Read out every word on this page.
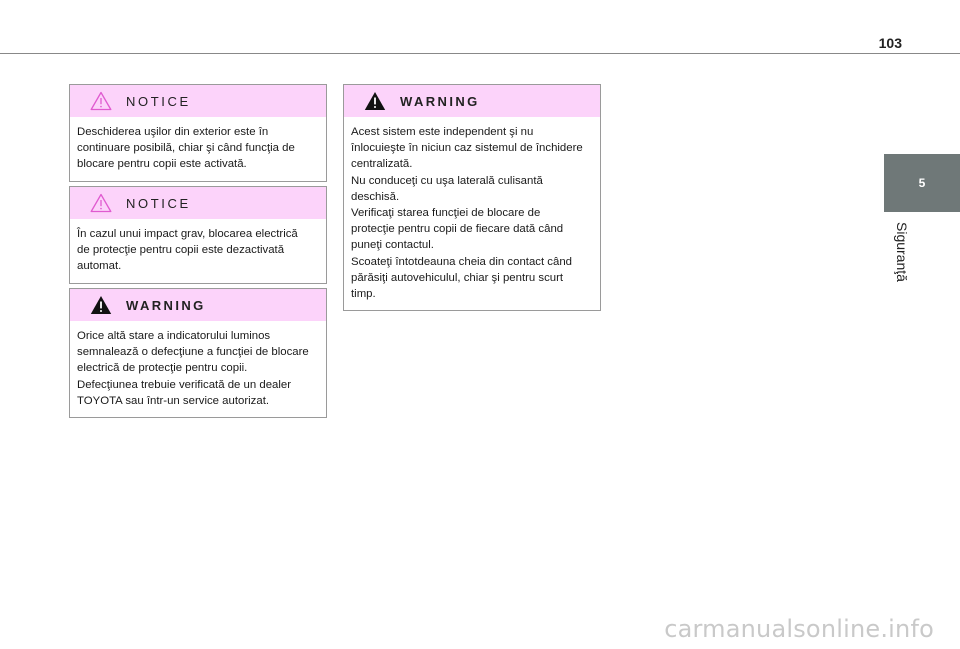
103
5
Siguranţă
NOTICE

Deschiderea uşilor din exterior este în

continuare posibilă, chiar şi când funcţia de

blocare pentru copii este activată.

NOTICE

În cazul unui impact grav, blocarea electrică

de protecţie pentru copii este dezactivată

automat.

WARNING

Orice altă stare a indicatorului luminos

semnalează o defecţiune a funcţiei de blocare

electrică de protecţie pentru copii.

Defecţiunea trebuie verificată de un dealer

TOYOTA sau într-un service autorizat.

WARNING

Acest sistem este independent şi nu

înlocuieşte în niciun caz sistemul de închidere

centralizată.

Nu conduceţi cu uşa laterală culisantă

deschisă.

Verificaţi starea funcţiei de blocare de

protecţie pentru copii de fiecare dată când

puneţi contactul.

Scoateţi întotdeauna cheia din contact când

părăsiţi autovehiculul, chiar şi pentru scurt

timp.

carmanualsonline.info
